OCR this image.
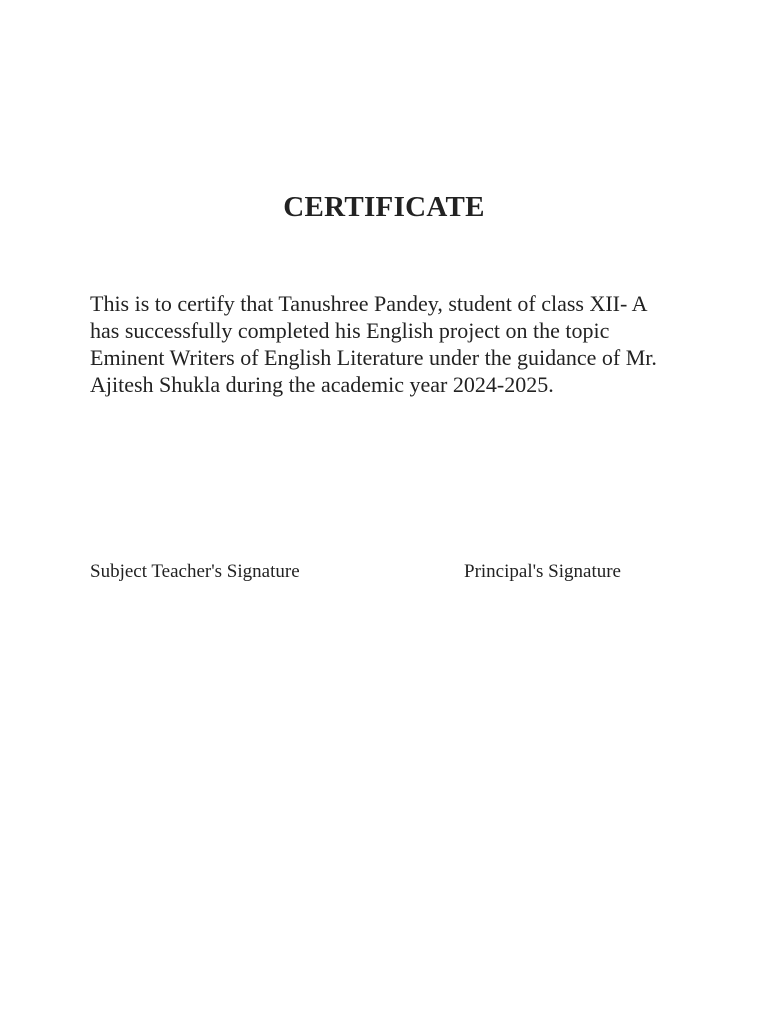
CERTIFICATE
This is to certify that Tanushree Pandey, student of class XII- A
has successfully completed his English project on the topic
Eminent Writers of English Literature under the guidance of Mr.
Ajitesh Shukla during the academic year 2024-2025.
Subject Teacher's Signature	Principal's Signature
